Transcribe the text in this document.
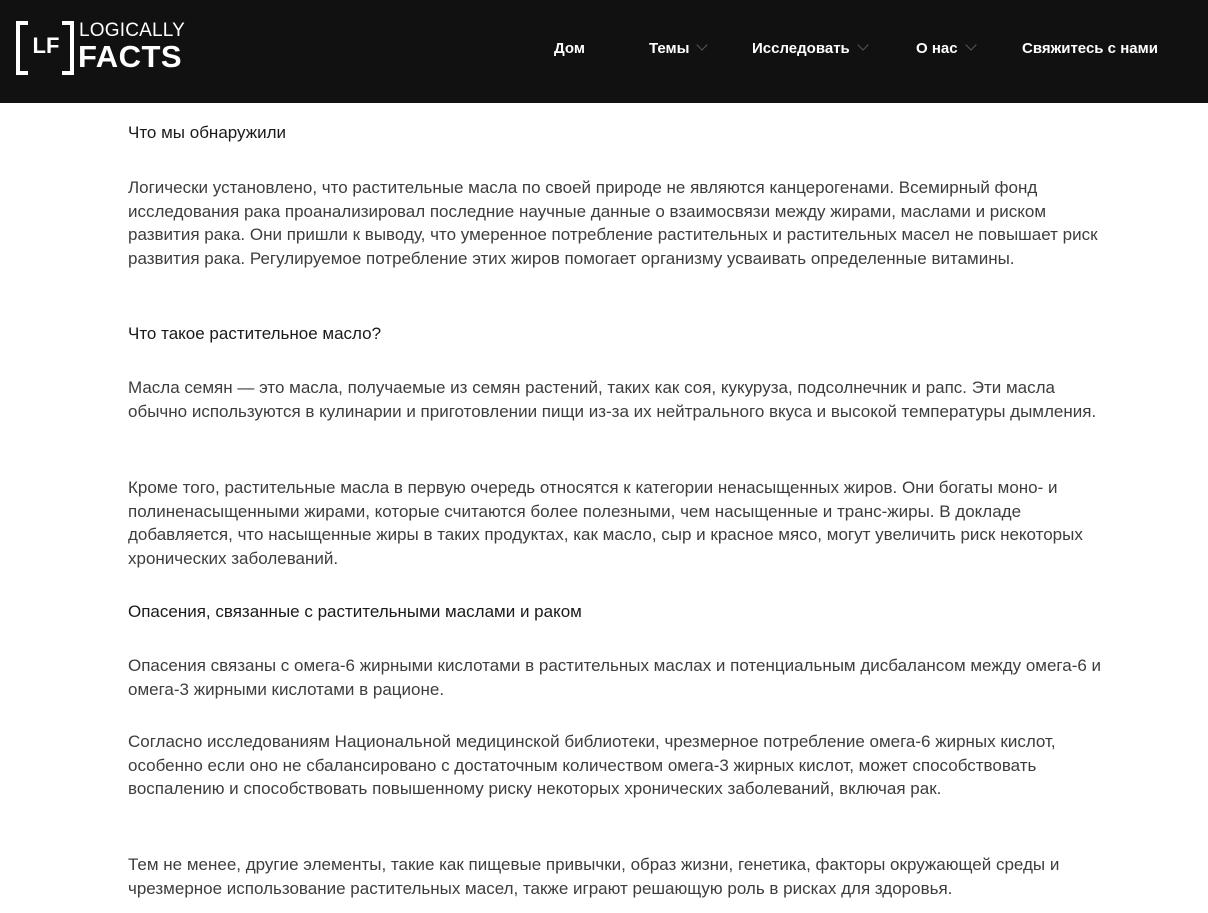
LF
LOGICALLY
FACTS	Дом	Темы	Исследовать	О нас	Свяжитесь с нами
Что мы обнаружили

Логически установлено, что растительные масла по своей природе не являются канцерогенами. Всемирный фонд исследования рака проанализировал последние научные данные о взаимосвязи между жирами, маслами и риском развития рака. Они пришли к выводу, что умеренное потребление растительных и растительных масел не повышает риск развития рака. Регулируемое потребление этих жиров помогает организму усваивать определенные витамины.

Что такое растительное масло?

Масла семян — это масла, получаемые из семян растений, таких как соя, кукуруза, подсолнечник и рапс. Эти масла обычно используются в кулинарии и приготовлении пищи из-за их нейтрального вкуса и высокой температуры дымления.

Кроме того, растительные масла в первую очередь относятся к категории ненасыщенных жиров. Они богаты моно- и полиненасыщенными жирами, которые считаются более полезными, чем насыщенные и транс-жиры. В докладе добавляется, что насыщенные жиры в таких продуктах, как масло, сыр и красное мясо, могут увеличить риск некоторых хронических заболеваний.

Опасения, связанные с растительными маслами и раком

Опасения связаны с омега-6 жирными кислотами в растительных маслах и потенциальным дисбалансом между омега-6 и омега-3 жирными кислотами в рационе.

Согласно исследованиям Национальной медицинской библиотеки, чрезмерное потребление омега-6 жирных кислот, особенно если оно не сбалансировано с достаточным количеством омега-3 жирных кислот, может способствовать воспалению и способствовать повышенному риску некоторых хронических заболеваний, включая рак.

Тем не менее, другие элементы, такие как пищевые привычки, образ жизни, генетика, факторы окружающей среды и чрезмерное использование растительных масел, также играют решающую роль в рисках для здоровья.
